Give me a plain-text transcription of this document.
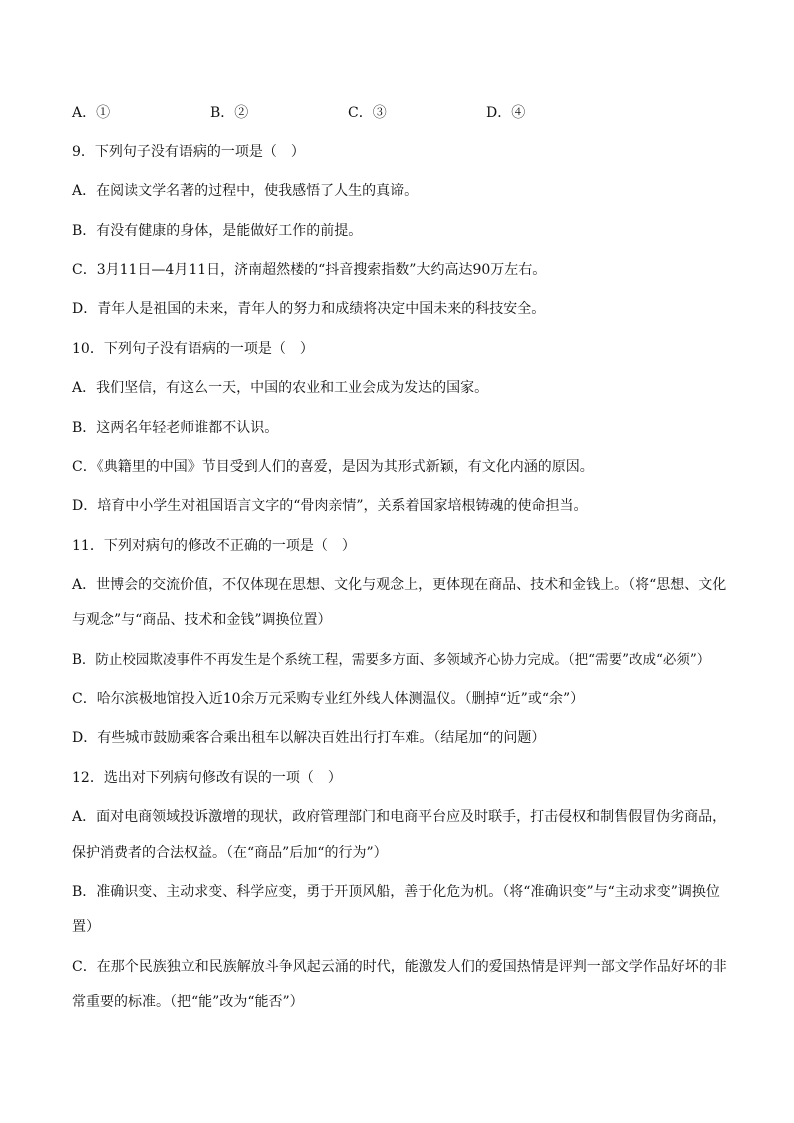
A．①	B．②	C．③	D．④
9．下列句子没有语病的一项是（　）
A．在阅读文学名著的过程中，使我感悟了人生的真谛。
B．有没有健康的身体，是能做好工作的前提。
C．3月11日—4月11日，济南超然楼的“抖音搜索指数”大约高达90万左右。
D．青年人是祖国的未来，青年人的努力和成绩将决定中国未来的科技安全。
10．下列句子没有语病的一项是（　）
A．我们坚信，有这么一天，中国的农业和工业会成为发达的国家。
B．这两名年轻老师谁都不认识。
C．《典籍里的中国》节目受到人们的喜爱，是因为其形式新颖，有文化内涵的原因。
D．培育中小学生对祖国语言文字的“骨肉亲情”，关系着国家培根铸魂的使命担当。
11．下列对病句的修改不正确的一项是（　）
A．世博会的交流价值，不仅体现在思想、文化与观念上，更体现在商品、技术和金钱上。（将“思想、文化
与观念”与“商品、技术和金钱”调换位置）
B．防止校园欺凌事件不再发生是个系统工程，需要多方面、多领域齐心协力完成。（把“需要”改成“必须”）
C．哈尔滨极地馆投入近10余万元采购专业红外线人体测温仪。（删掉“近”或“余”）
D．有些城市鼓励乘客合乘出租车以解决百姓出行打车难。（结尾加“的问题）
12．选出对下列病句修改有误的一项（　）
A．面对电商领域投诉激增的现状，政府管理部门和电商平台应及时联手，打击侵权和制售假冒伪劣商品，
保护消费者的合法权益。（在“商品”后加“的行为”）
B．准确识变、主动求变、科学应变，勇于开顶风船，善于化危为机。（将“准确识变”与“主动求变”调换位
置）
C．在那个民族独立和民族解放斗争风起云涌的时代，能激发人们的爱国热情是评判一部文学作品好坏的非
常重要的标准。（把“能”改为“能否”）
